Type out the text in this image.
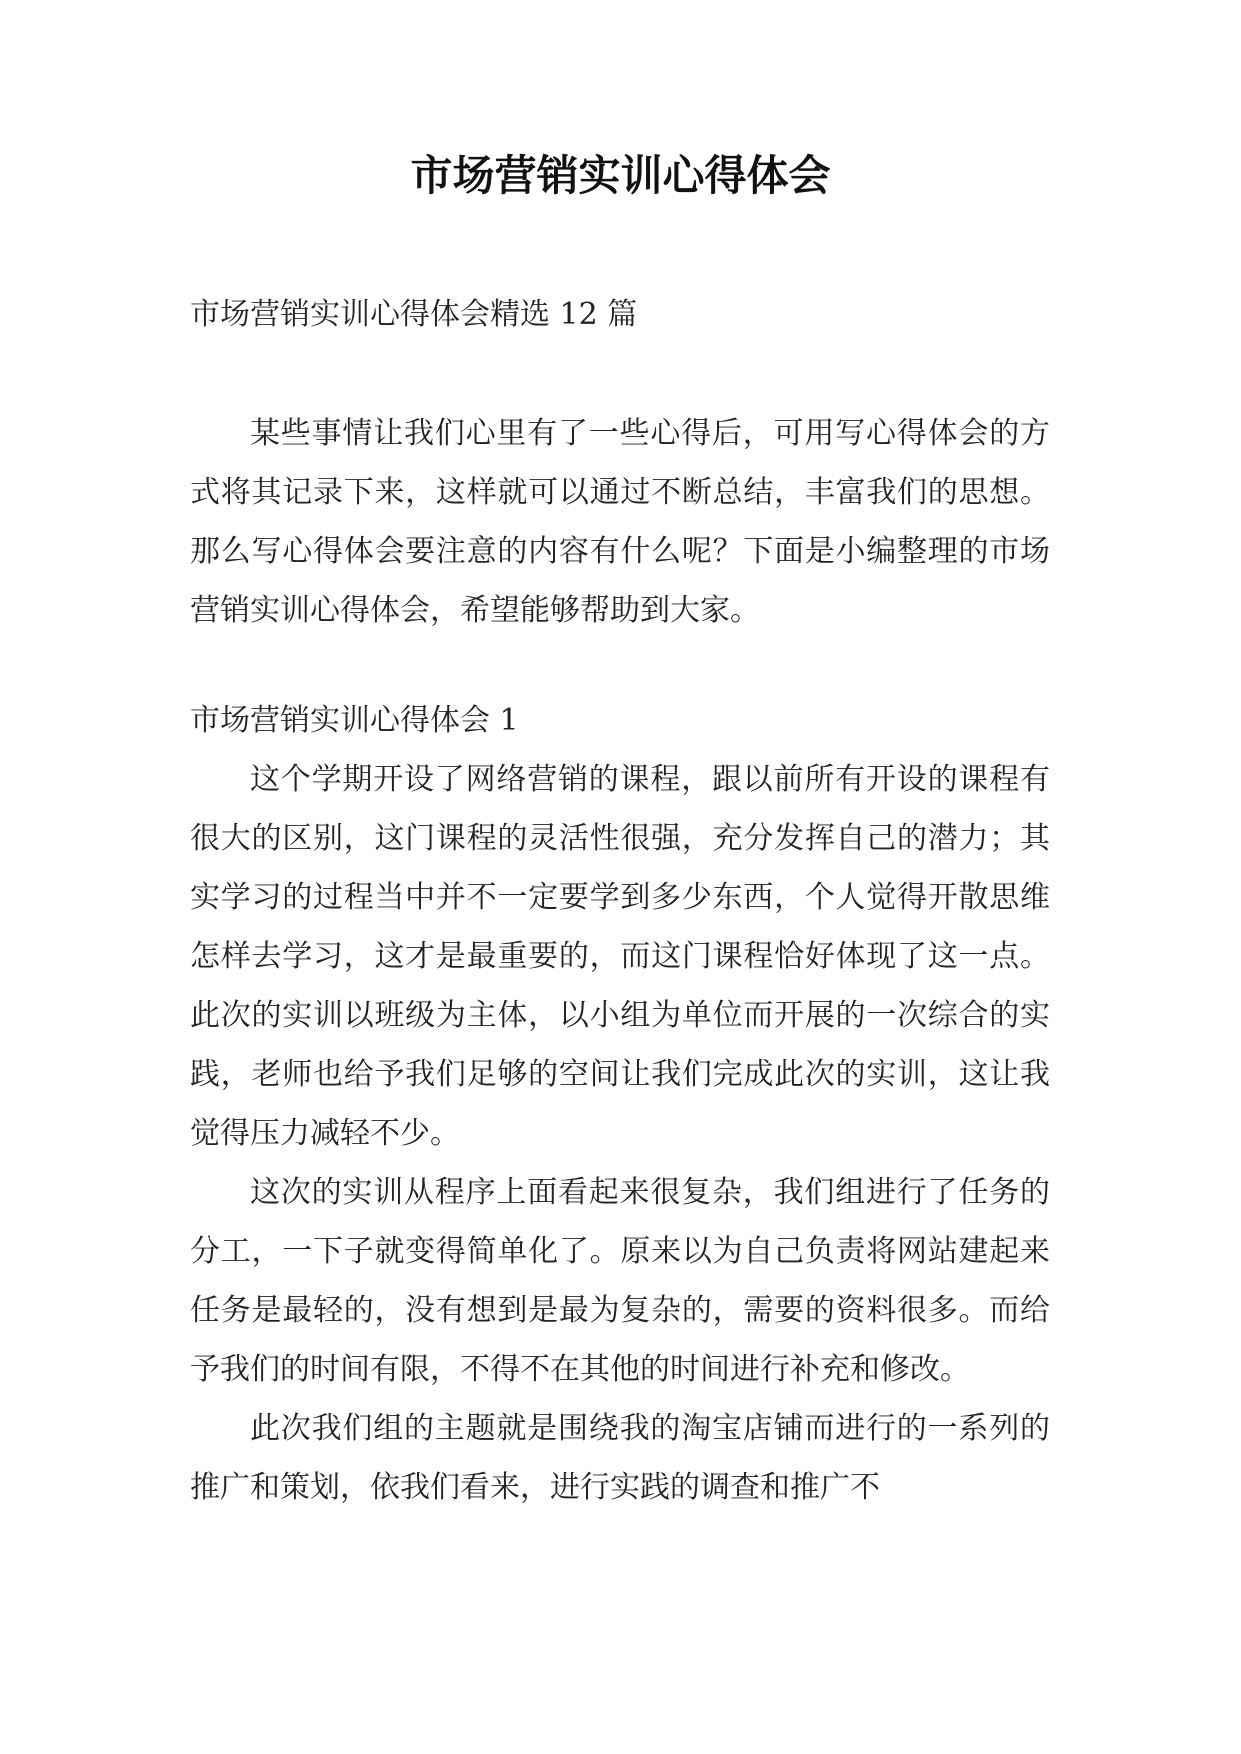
市场营销实训心得体会

市场营销实训心得体会精选 12 篇

某些事情让我们心里有了一些心得后，可用写心得体会的方式将其记录下来，这样就可以通过不断总结，丰富我们的思想。那么写心得体会要注意的内容有什么呢？下面是小编整理的市场营销实训心得体会，希望能够帮助到大家。

市场营销实训心得体会 1

这个学期开设了网络营销的课程，跟以前所有开设的课程有很大的区别，这门课程的灵活性很强，充分发挥自己的潜力；其实学习的过程当中并不一定要学到多少东西，个人觉得开散思维怎样去学习，这才是最重要的，而这门课程恰好体现了这一点。此次的实训以班级为主体，以小组为单位而开展的一次综合的实践，老师也给予我们足够的空间让我们完成此次的实训，这让我觉得压力减轻不少。

这次的实训从程序上面看起来很复杂，我们组进行了任务的分工，一下子就变得简单化了。原来以为自己负责将网站建起来任务是最轻的，没有想到是最为复杂的，需要的资料很多。而给予我们的时间有限，不得不在其他的时间进行补充和修改。

此次我们组的主题就是围绕我的淘宝店铺而进行的一系列的推广和策划，依我们看来，进行实践的调查和推广不
